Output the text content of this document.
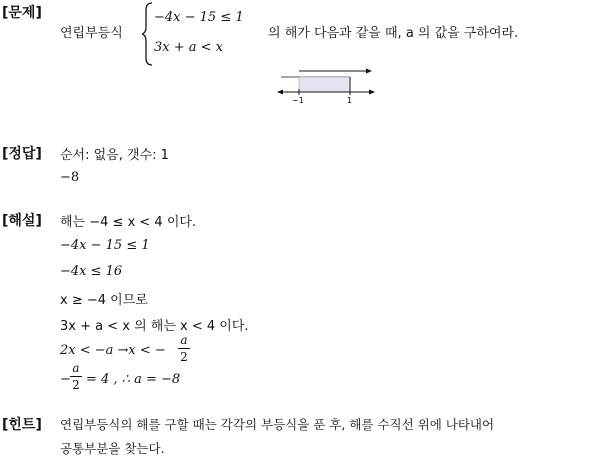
[문제]
연립부등식
−4x − 15 ≤ 1
3x + a < x
의 해가 다음과 같을 때, a 의 값을 구하여라.
−1	1
[정답] 순서: 없음, 갯수: 1
−8
[해설] 해는 −4 ≤ x < 4 이다.
−4x − 15 ≤ 1
−4x ≤ 16
x ≥ −4 이므로
3x + a < x 의 해는 x < 4 이다.
2x < −a →x < −
a
2
−
a
2 = 4 , ∴ a = −8
[힌트] 연립부등식의 해를 구할 때는 각각의 부등식을 푼 후, 해를 수직선 위에 나타내어
공통부분을 찾는다.
